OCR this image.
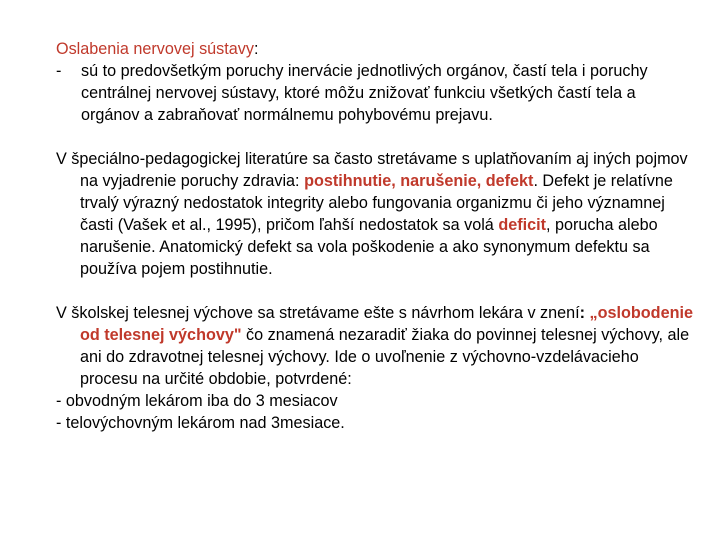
Oslabenia nervovej sústavy:
- sú to predovšetkým poruchy inervácie jednotlivých orgánov, častí tela i poruchy centrálnej nervovej sústavy, ktoré môžu znižovať funkciu všetkých častí tela a orgánov a zabraňovať normálnemu pohybovému prejavu.
V špeciálno-pedagogickej literatúre sa často stretávame s uplatňovaním aj iných pojmov na vyjadrenie poruchy zdravia: postihnutie, narušenie, defekt. Defekt je relatívne trvalý výrazný nedostatok integrity alebo fungovania organizmu či jeho významnej časti (Vašek et al., 1995), pričom ľahší nedostatok sa volá deficit, porucha alebo narušenie. Anatomický defekt sa vola poškodenie a ako synonymum defektu sa používa pojem postihnutie.
V školskej telesnej výchove sa stretávame ešte s návrhom lekára v znení: „oslobodenie od telesnej výchovy" čo znamená nezaradiť žiaka do povinnej telesnej výchovy, ale ani do zdravotnej telesnej výchovy. Ide o uvoľnenie z výchovno-vzdelávacieho procesu na určité obdobie, potvrdené:
- obvodným lekárom iba do 3 mesiacov
- telovýchovným lekárom nad 3mesiace.
